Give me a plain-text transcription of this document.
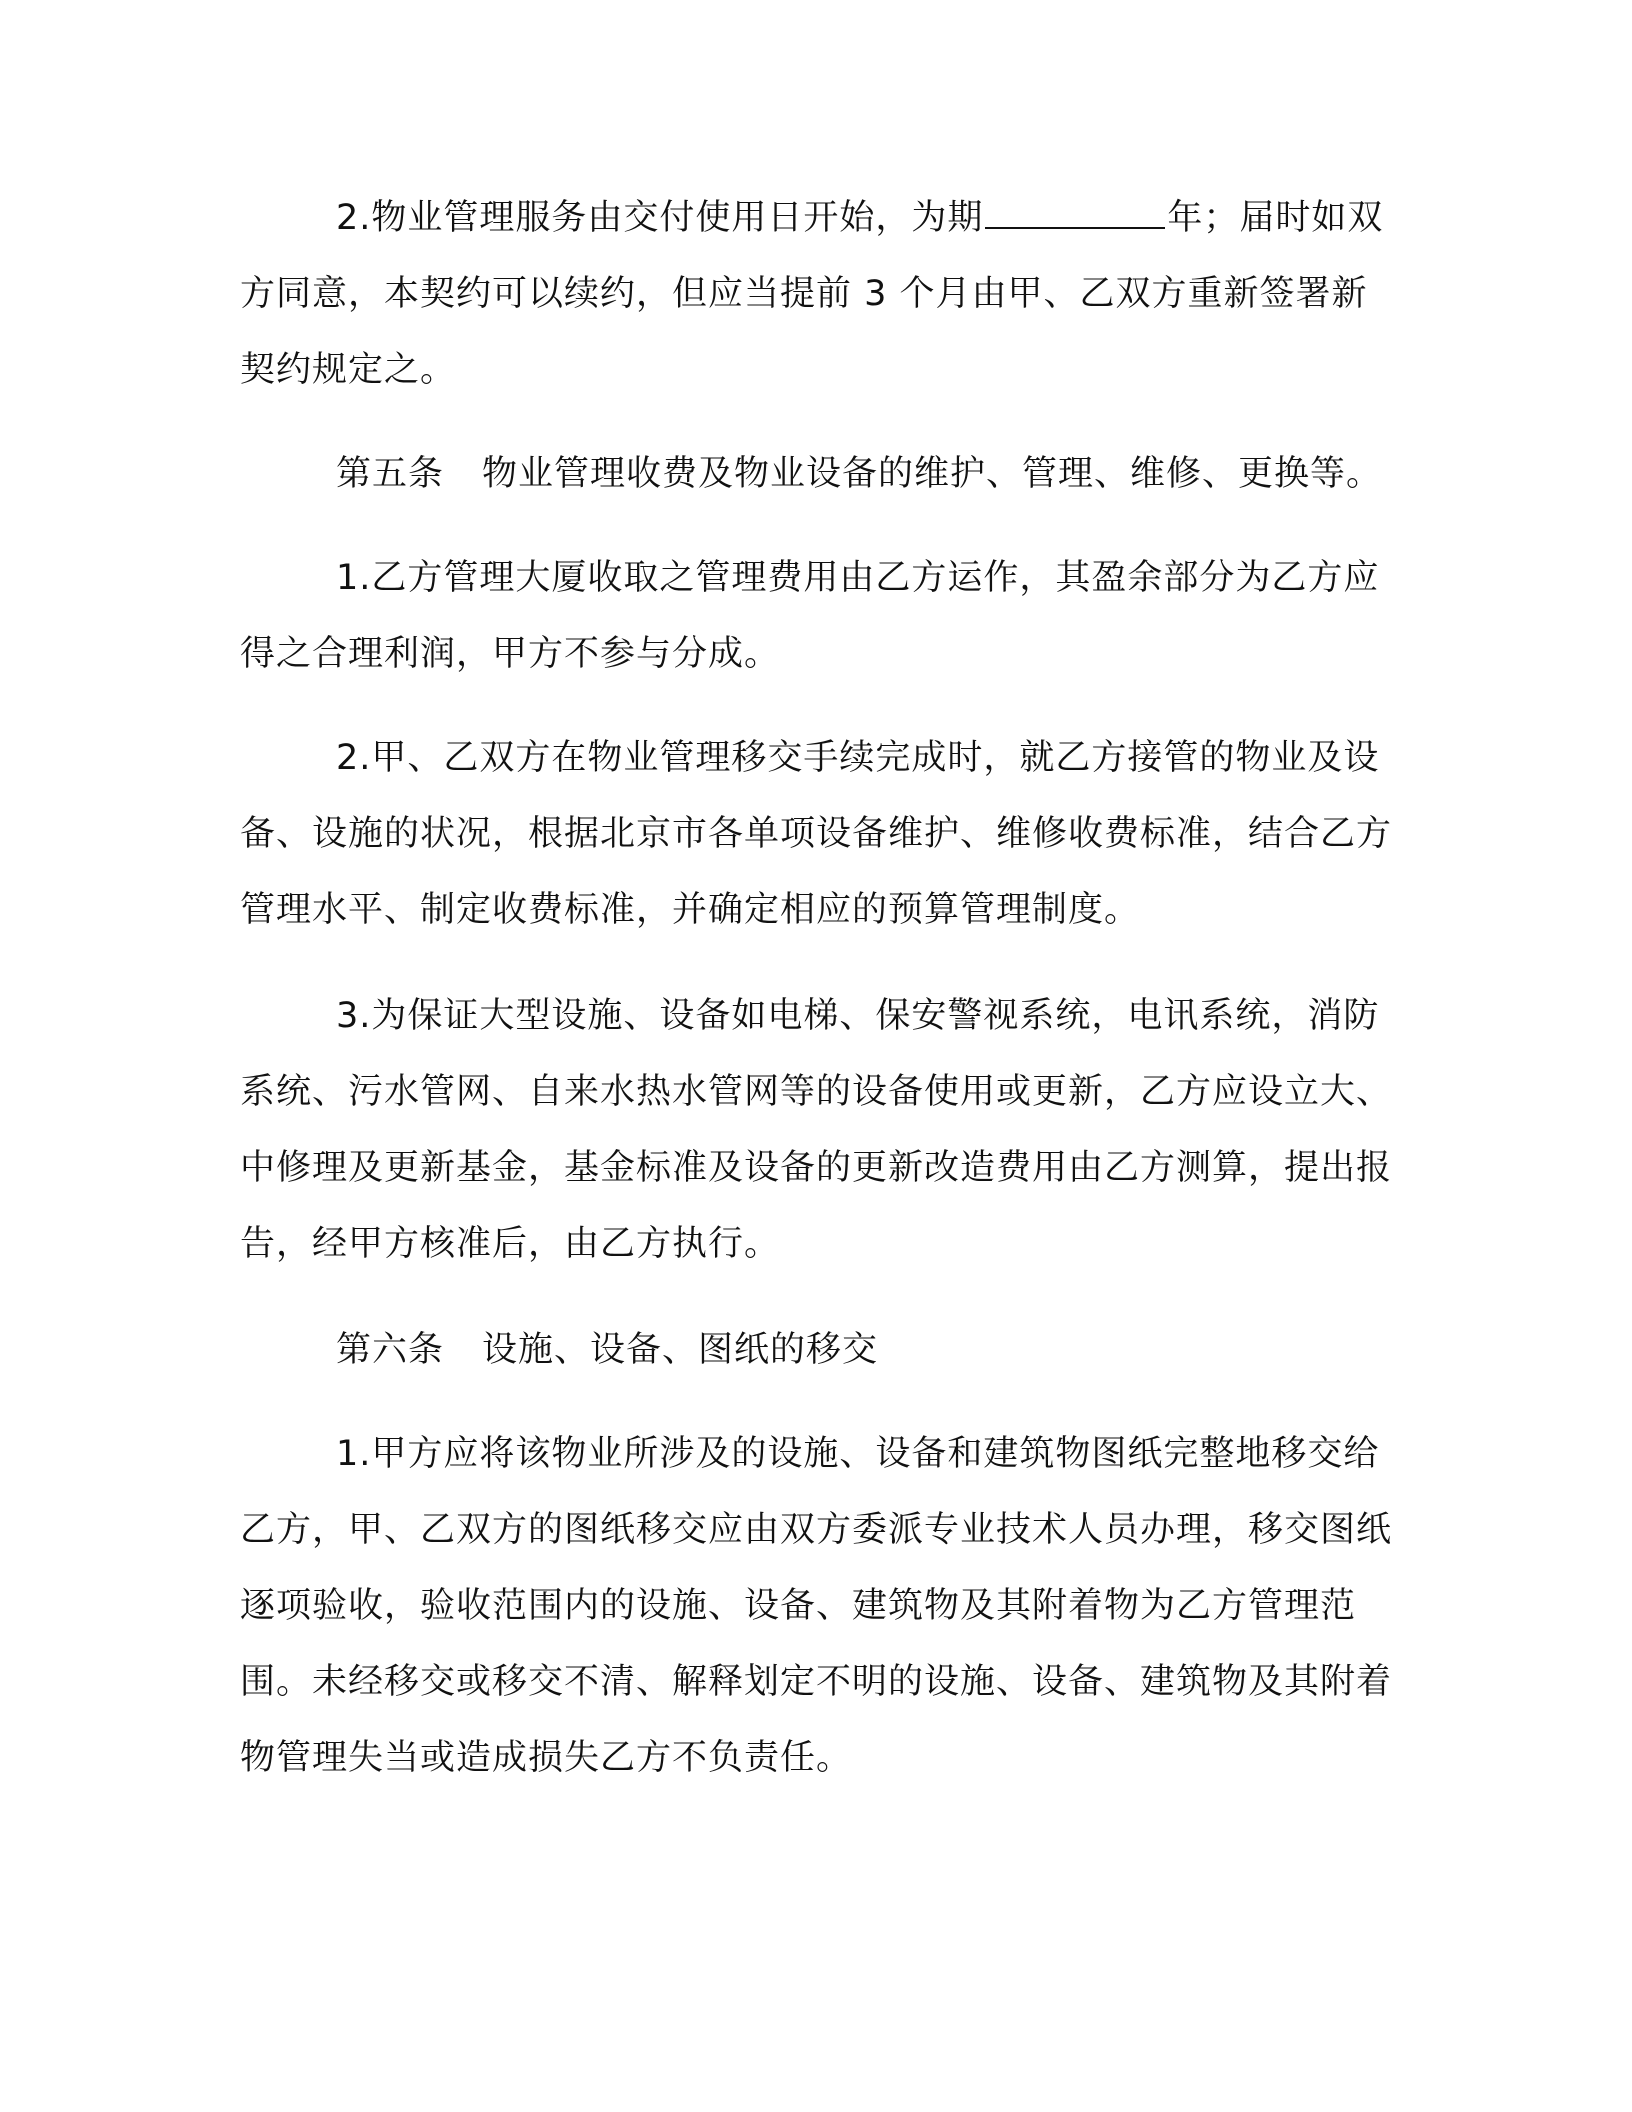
2.物业管理服务由交付使用日开始，为期	年；届时如双方同意，本契约可以续约，但应当提前 3 个月由甲、乙双方重新签署新契约规定之。

第五条 物业管理收费及物业设备的维护、管理、维修、更换等。

1.乙方管理大厦收取之管理费用由乙方运作，其盈余部分为乙方应得之合理利润，甲方不参与分成。

2.甲、乙双方在物业管理移交手续完成时，就乙方接管的物业及设备、设施的状况，根据北京市各单项设备维护、维修收费标准，结合乙方管理水平、制定收费标准，并确定相应的预算管理制度。

3.为保证大型设施、设备如电梯、保安警视系统，电讯系统，消防系统、污水管网、自来水热水管网等的设备使用或更新，乙方应设立大、中修理及更新基金，基金标准及设备的更新改造费用由乙方测算，提出报告，经甲方核准后，由乙方执行。

第六条 设施、设备、图纸的移交

1.甲方应将该物业所涉及的设施、设备和建筑物图纸完整地移交给乙方，甲、乙双方的图纸移交应由双方委派专业技术人员办理，移交图纸逐项验收，验收范围内的设施、设备、建筑物及其附着物为乙方管理范围。未经移交或移交不清、解释划定不明的设施、设备、建筑物及其附着物管理失当或造成损失乙方不负责任。
